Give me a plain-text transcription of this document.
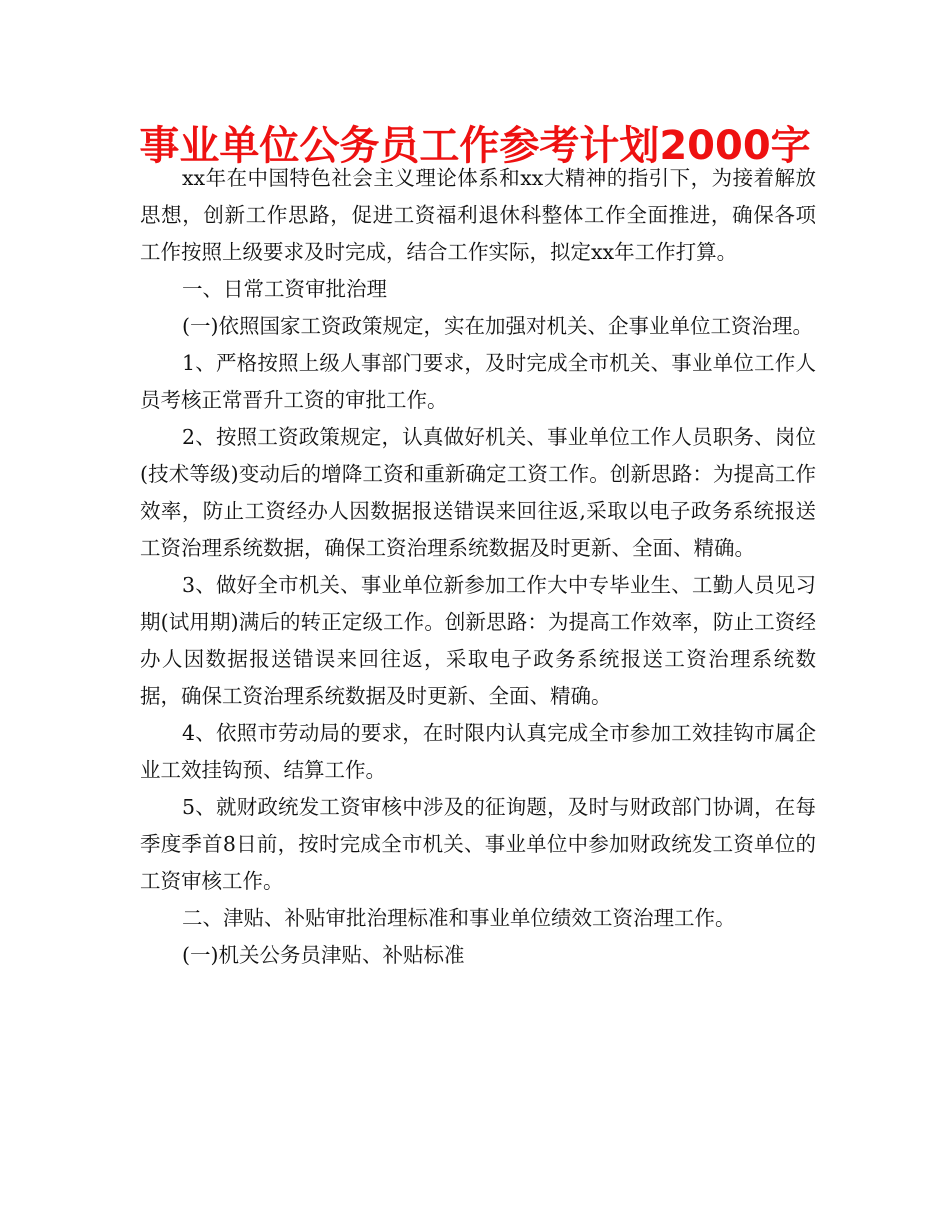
事业单位公务员工作参考计划2000字

xx年在中国特色社会主义理论体系和xx大精神的指引下，为接着解放思想，创新工作思路，促进工资福利退休科整体工作全面推进，确保各项工作按照上级要求及时完成，结合工作实际，拟定xx年工作打算。

一、日常工资审批治理

(一)依照国家工资政策规定，实在加强对机关、企事业单位工资治理。

1、严格按照上级人事部门要求，及时完成全市机关、事业单位工作人员考核正常晋升工资的审批工作。

2、按照工资政策规定，认真做好机关、事业单位工作人员职务、岗位(技术等级)变动后的增降工资和重新确定工资工作。创新思路：为提高工作效率，防止工资经办人因数据报送错误来回往返,采取以电子政务系统报送工资治理系统数据，确保工资治理系统数据及时更新、全面、精确。

3、做好全市机关、事业单位新参加工作大中专毕业生、工勤人员见习期(试用期)满后的转正定级工作。创新思路：为提高工作效率，防止工资经办人因数据报送错误来回往返，采取电子政务系统报送工资治理系统数据，确保工资治理系统数据及时更新、全面、精确。

4、依照市劳动局的要求，在时限内认真完成全市参加工效挂钩市属企业工效挂钩预、结算工作。

5、就财政统发工资审核中涉及的征询题，及时与财政部门协调，在每季度季首8日前，按时完成全市机关、事业单位中参加财政统发工资单位的工资审核工作。

二、津贴、补贴审批治理标准和事业单位绩效工资治理工作。

(一)机关公务员津贴、补贴标准
